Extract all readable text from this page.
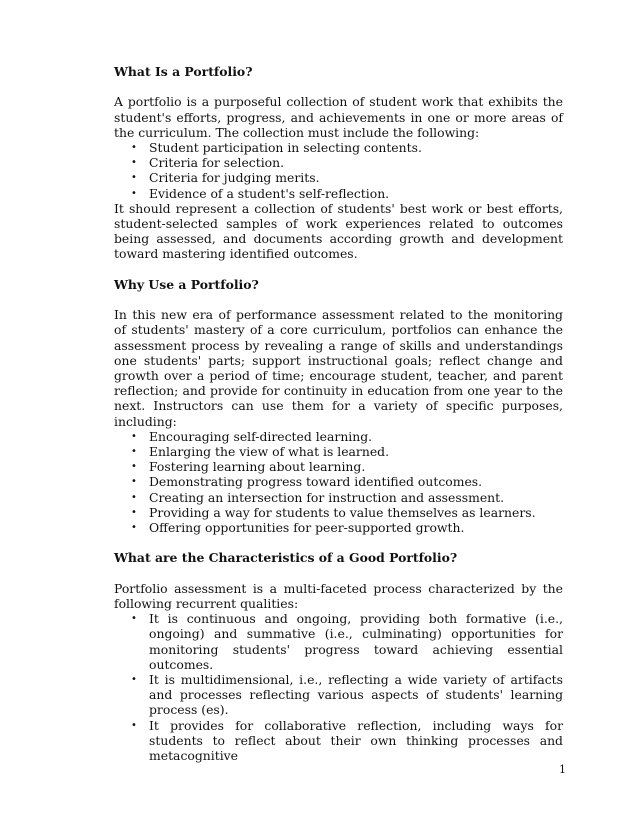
What Is a Portfolio?

A portfolio is a purposeful collection of student work that exhibits the student's efforts, progress, and achievements in one or more areas of the curriculum. The collection must include the following:

• Student participation in selecting contents.
• Criteria for selection.
• Criteria for judging merits.
• Evidence of a student's self-reflection.

It should represent a collection of students' best work or best efforts, student-selected samples of work experiences related to outcomes being assessed, and documents according growth and development toward mastering identified outcomes.

Why Use a Portfolio?

In this new era of performance assessment related to the monitoring of students' mastery of a core curriculum, portfolios can enhance the assessment process by revealing a range of skills and understandings one students' parts; support instructional goals; reflect change and growth over a period of time; encourage student, teacher, and parent reflection; and provide for continuity in education from one year to the next. Instructors can use them for a variety of specific purposes, including:

• Encouraging self-directed learning.
• Enlarging the view of what is learned.
• Fostering learning about learning.
• Demonstrating progress toward identified outcomes.
• Creating an intersection for instruction and assessment.
• Providing a way for students to value themselves as learners.
• Offering opportunities for peer-supported growth.
What are the Characteristics of a Good Portfolio?

Portfolio assessment is a multi-faceted process characterized by the following recurrent qualities:

• It is continuous and ongoing, providing both formative (i.e., ongoing) and summative (i.e., culminating) opportunities for monitoring students' progress toward achieving essential outcomes.
• It is multidimensional, i.e., reflecting a wide variety of artifacts and processes reflecting various aspects of students' learning process (es).
• It provides for collaborative reflection, including ways for students to reflect about their own thinking processes and metacognitive
1
